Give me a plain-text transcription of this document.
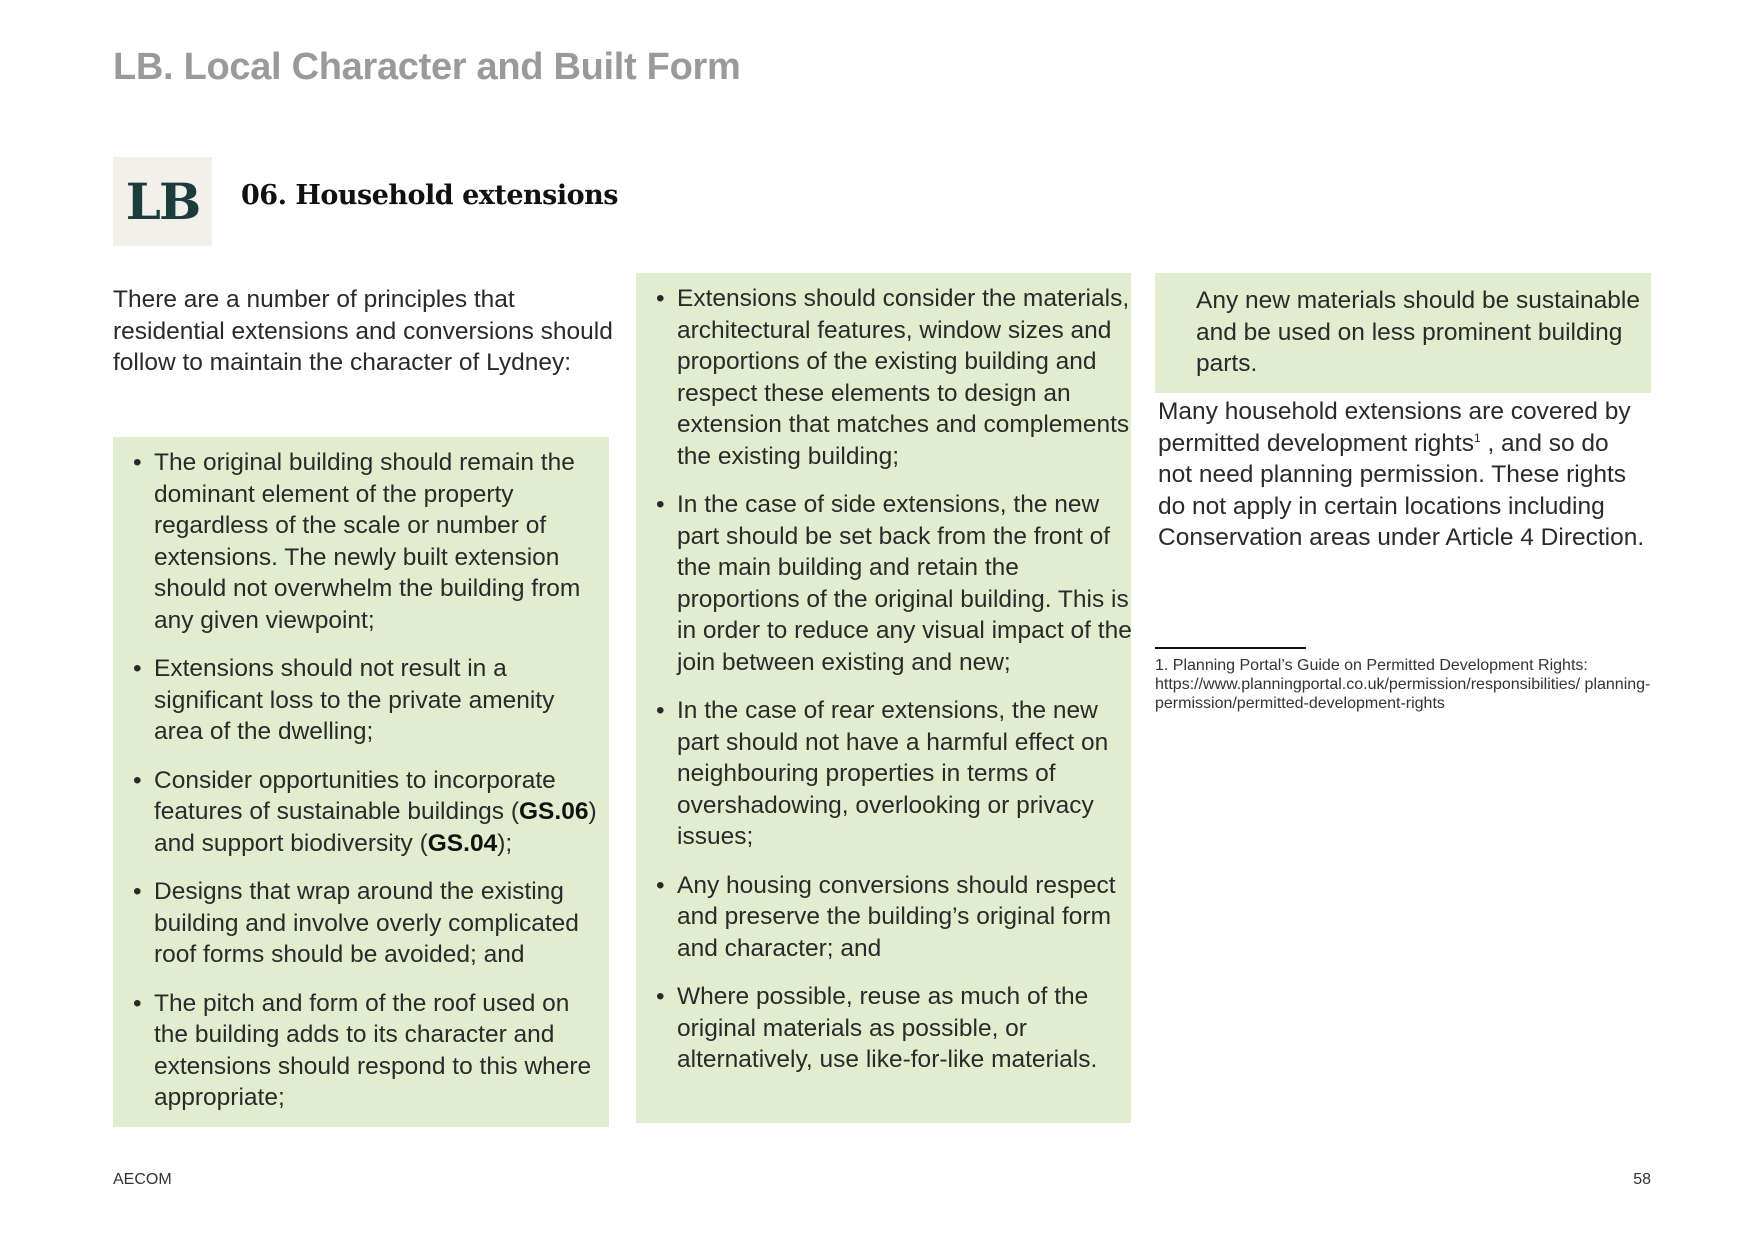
LB. Local Character and Built Form
LB	06. Household extensions

There are a number of principles that residential extensions and conversions should follow to maintain the character of Lydney:

• The original building should remain the dominant element of the property regardless of the scale or number of extensions. The newly built extension should not overwhelm the building from any given viewpoint;
• Extensions should not result in a significant loss to the private amenity area of the dwelling;
• Consider opportunities to incorporate features of sustainable buildings (GS.06) and support biodiversity (GS.04);
• Designs that wrap around the existing building and involve overly complicated roof forms should be avoided; and
• The pitch and form of the roof used on the building adds to its character and extensions should respond to this where appropriate;
• Extensions should consider the materials, architectural features, window sizes and proportions of the existing building and respect these elements to design an extension that matches and complements the existing building;
• In the case of side extensions, the new part should be set back from the front of the main building and retain the proportions of the original building. This is in order to reduce any visual impact of the join between existing and new;
• In the case of rear extensions, the new part should not have a harmful effect on neighbouring properties in terms of overshadowing, overlooking or privacy issues;
• Any housing conversions should respect and preserve the building’s original form and character; and
• Where possible, reuse as much of the original materials as possible, or alternatively, use like-for-like materials.

Any new materials should be sustainable and be used on less prominent building parts.

Many household extensions are covered by permitted development rights$^1$ , and so do not need planning permission. These rights do not apply in certain locations including Conservation areas under Article 4 Direction.

1. Planning Portal’s Guide on Permitted Development Rights: https://www.planningportal.co.uk/permission/responsibilities/ planning-permission/permitted-development-rights

AECOM	58
